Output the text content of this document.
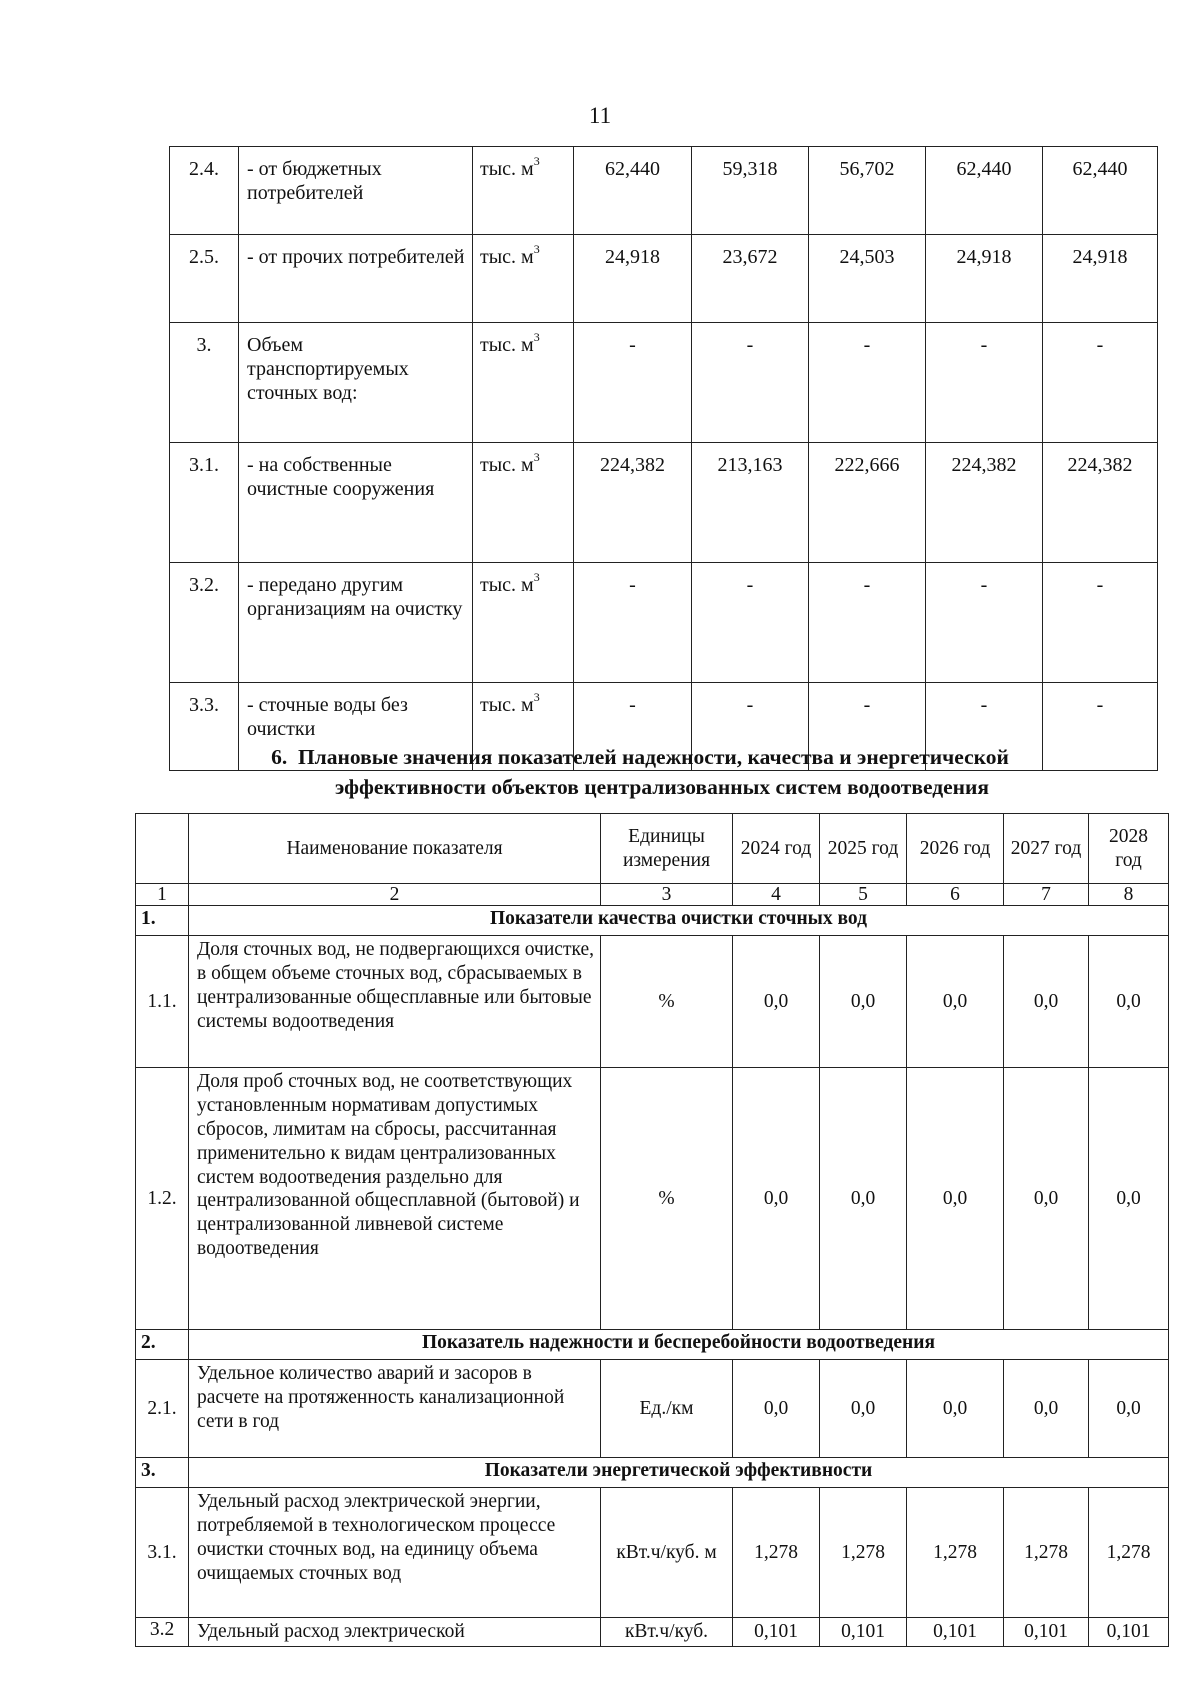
11
2.4.	- от бюджетных потребителей	тыс. $м^3$	62,440	59,318	56,702	62,440	62,440
2.5.	- от прочих потребителей	тыс. $м^3$	24,918	23,672	24,503	24,918	24,918
3.	Объем транспортируемых сточных вод:	тыс. $м^3$	-	-	-	-	-
3.1.	- на собственные очистные сооружения	тыс. $м^3$	224,382	213,163	222,666	224,382	224,382
3.2.	- передано другим организациям на очистку	тыс. $м^3$	-	-	-	-	-
3.3.	- сточные воды без очистки	тыс. $м^3$	-	-	-	-	-
6. Плановые значения показателей надежности, качества и энергетической
эффективности объектов централизованных систем водоотведения
	Наименование показателя	Единицы измерения	2024 год	2025 год	2026 год	2027 год	2028 год
1	2	3	4	5	6	7	8
1.	Показатели качества очистки сточных вод						
1.1.	Доля сточных вод, не подвергающихся очистке, в общем объеме сточных вод, сбрасываемых в централизованные общесплавные или бытовые системы водоотведения	%	0,0	0,0	0,0	0,0	0,0
1.2.	Доля проб сточных вод, не соответствующих установленным нормативам допустимых сбросов, лимитам на сбросы, рассчитанная применительно к видам централизованных систем водоотведения раздельно для централизованной общесплавной (бытовой) и централизованной ливневой системе водоотведения	%	0,0	0,0	0,0	0,0	0,0
2.	Показатель надежности и бесперебойности водоотведения						
2.1.	Удельное количество аварий и засоров в расчете на протяженность канализационной сети в год	Ед./км	0,0	0,0	0,0	0,0	0,0
3.	Показатели энергетической эффективности						
3.1.	Удельный расход электрической энергии, потребляемой в технологическом процессе очистки сточных вод, на единицу объема очищаемых сточных вод	кВт.ч/куб. м	1,278	1,278	1,278	1,278	1,278
3.2	Удельный расход электрической	кВт.ч/куб.	0,101	0,101	0,101	0,101	0,101
